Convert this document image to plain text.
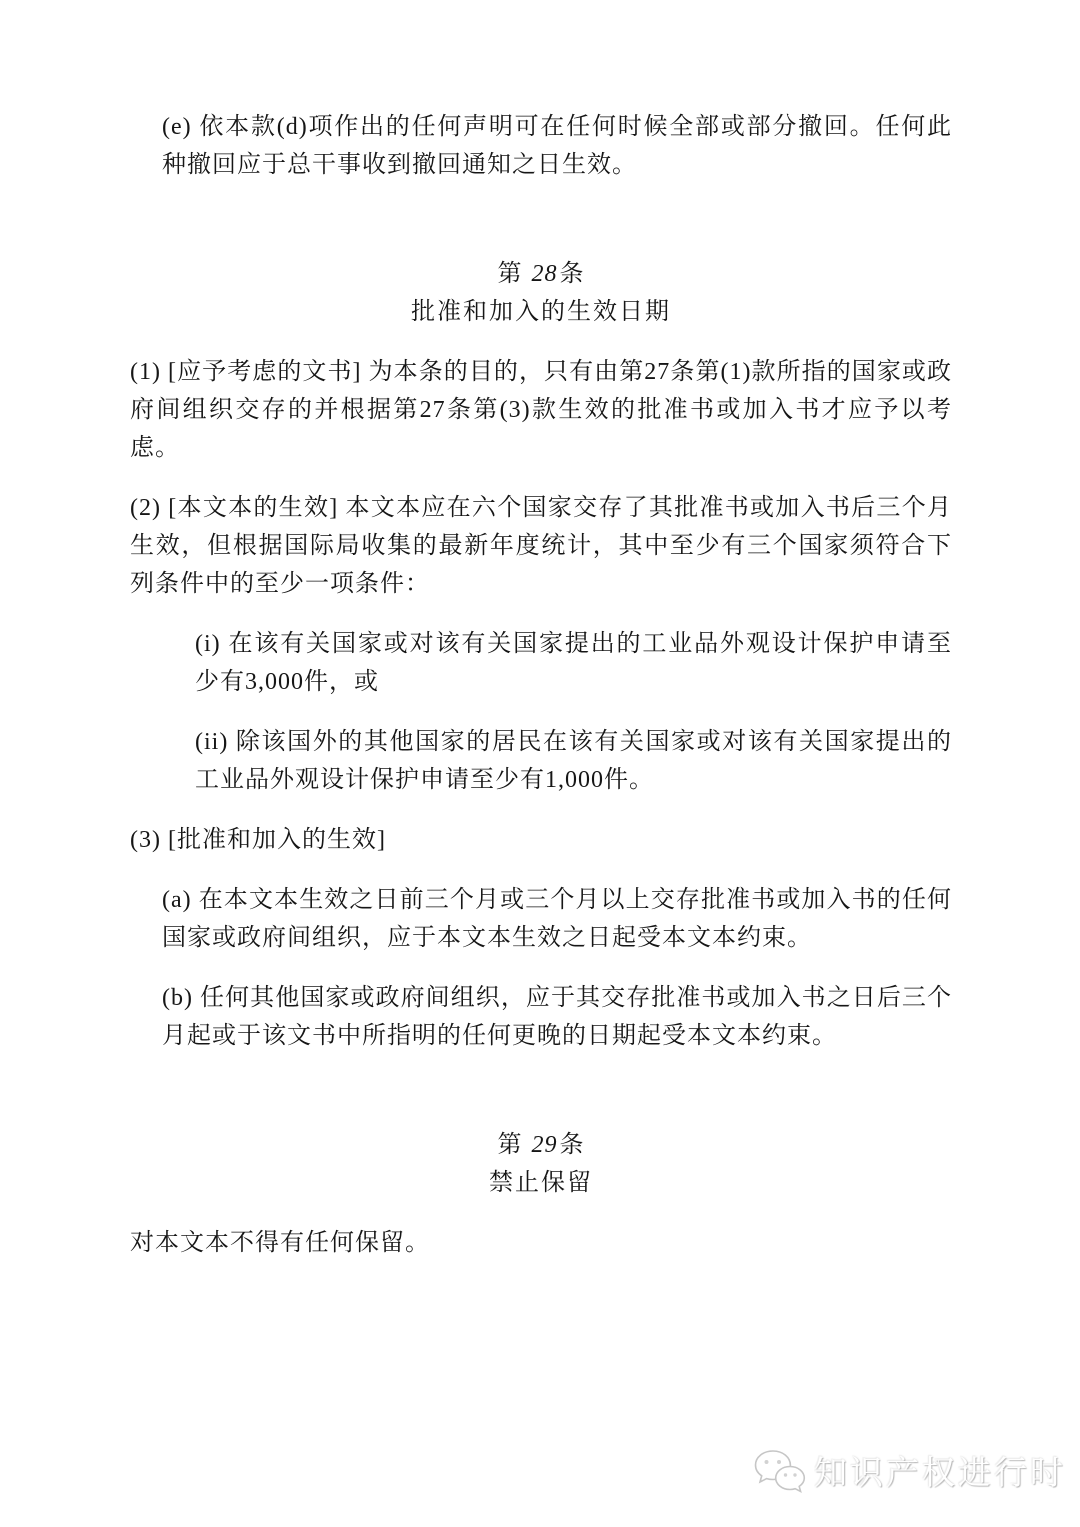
(e) 依本款(d)项作出的任何声明可在任何时候全部或部分撤回。任何此种撤回应于总干事收到撤回通知之日生效。

第 28条
批准和加入的生效日期

(1) [应予考虑的文书] 为本条的目的，只有由第27条第(1)款所指的国家或政府间组织交存的并根据第27条第(3)款生效的批准书或加入书才应予以考虑。

(2) [本文本的生效] 本文本应在六个国家交存了其批准书或加入书后三个月生效，但根据国际局收集的最新年度统计，其中至少有三个国家须符合下列条件中的至少一项条件：

(i) 在该有关国家或对该有关国家提出的工业品外观设计保护申请至少有3,000件，或

(ii) 除该国外的其他国家的居民在该有关国家或对该有关国家提出的工业品外观设计保护申请至少有1,000件。

(3) [批准和加入的生效]

(a) 在本文本生效之日前三个月或三个月以上交存批准书或加入书的任何国家或政府间组织，应于本文本生效之日起受本文本约束。

(b) 任何其他国家或政府间组织，应于其交存批准书或加入书之日后三个月起或于该文书中所指明的任何更晚的日期起受本文本约束。

第 29条
禁止保留

对本文本不得有任何保留。

知识产权进行时
